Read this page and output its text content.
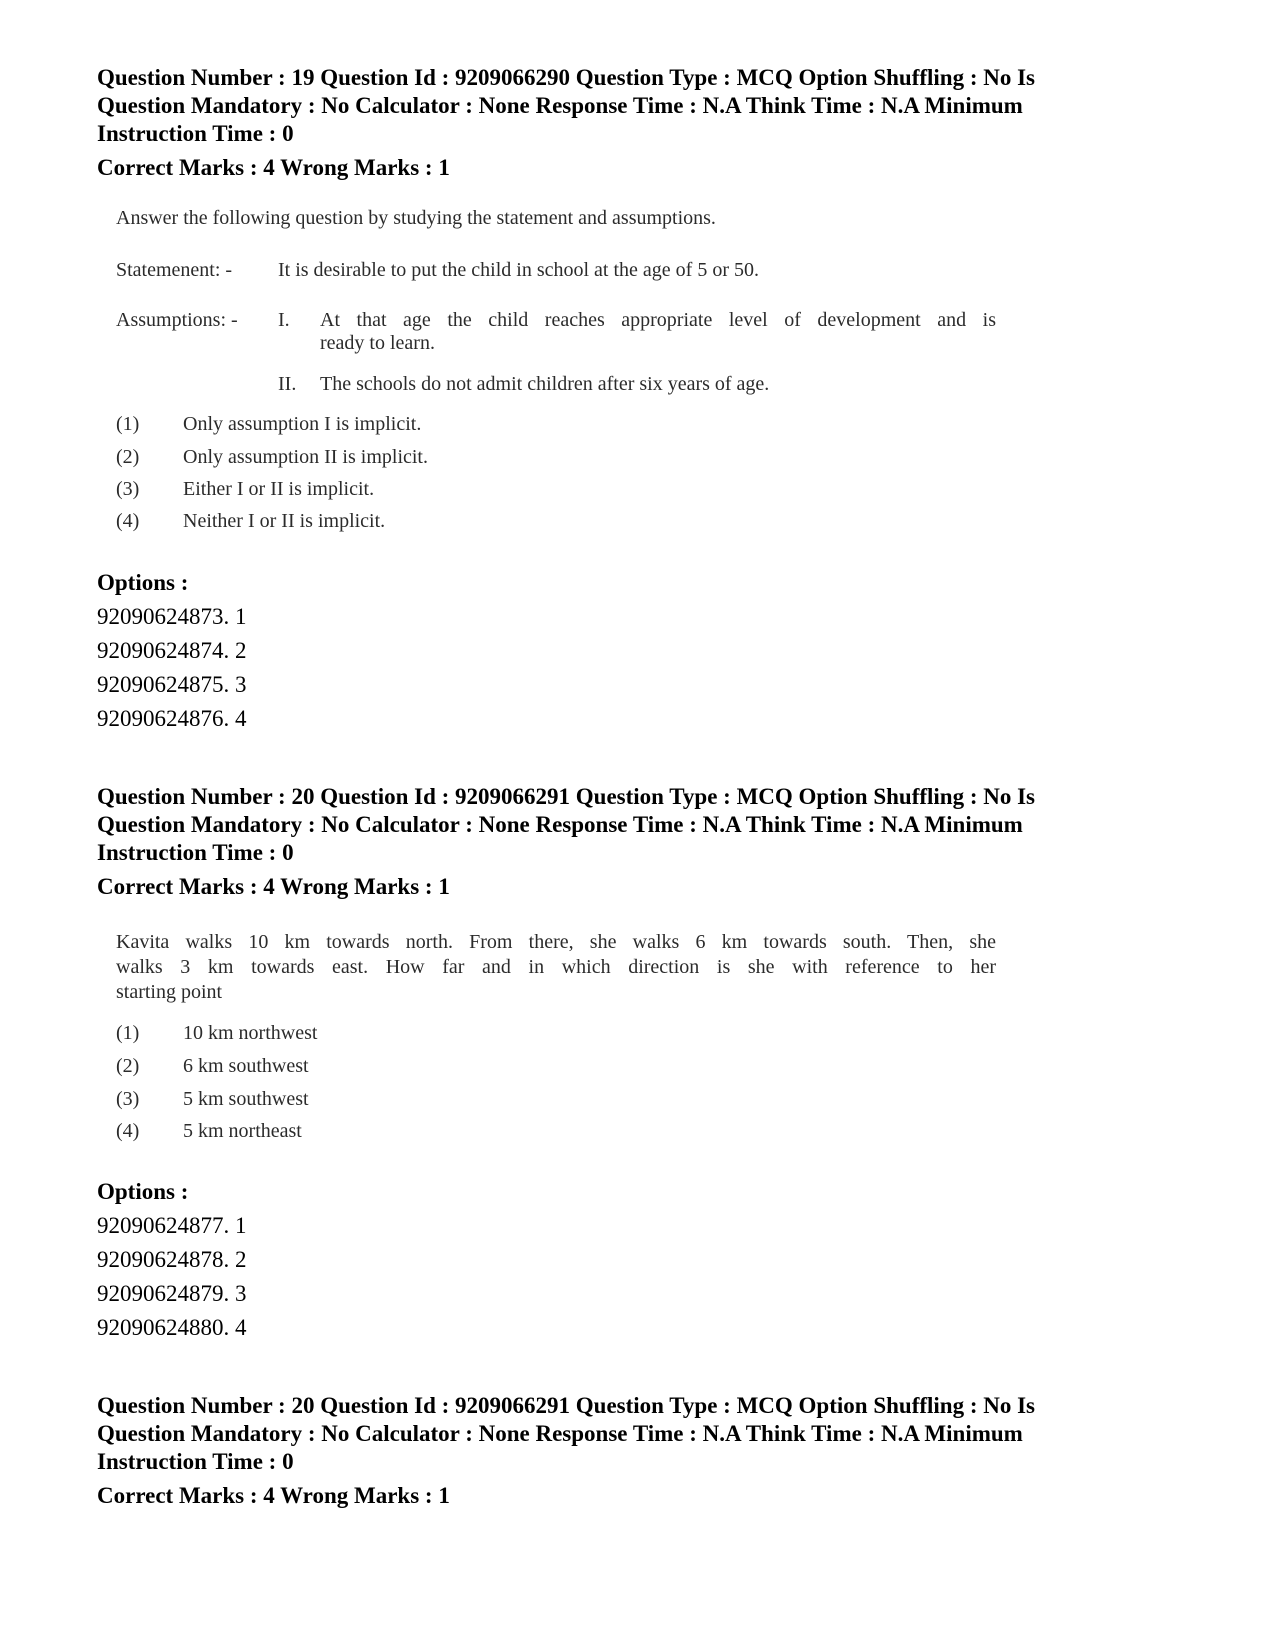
Question Number : 19 Question Id : 9209066290 Question Type : MCQ Option Shuffling : No Is
Question Mandatory : No Calculator : None Response Time : N.A Think Time : N.A Minimum
Instruction Time : 0
Correct Marks : 4 Wrong Marks : 1
Answer the following question by studying the statement and assumptions.
Statemenent: - It is desirable to put the child in school at the age of 5 or 50.
Assumptions: - I. At that age the child reaches appropriate level of development and is
ready to learn.
II. The schools do not admit children after six years of age.
(1) Only assumption I is implicit.
(2) Only assumption II is implicit.
(3) Either I or II is implicit.
(4) Neither I or II is implicit.
Options :
92090624873. 1
92090624874. 2
92090624875. 3
92090624876. 4
Question Number : 20 Question Id : 9209066291 Question Type : MCQ Option Shuffling : No Is
Question Mandatory : No Calculator : None Response Time : N.A Think Time : N.A Minimum
Instruction Time : 0
Correct Marks : 4 Wrong Marks : 1
Kavita walks 10 km towards north. From there, she walks 6 km towards south. Then, she
walks 3 km towards east. How far and in which direction is she with reference to her
starting point
(1) 10 km northwest
(2) 6 km southwest
(3) 5 km southwest
(4) 5 km northeast
Options :
92090624877. 1
92090624878. 2
92090624879. 3
92090624880. 4
Question Number : 20 Question Id : 9209066291 Question Type : MCQ Option Shuffling : No Is
Question Mandatory : No Calculator : None Response Time : N.A Think Time : N.A Minimum
Instruction Time : 0
Correct Marks : 4 Wrong Marks : 1
